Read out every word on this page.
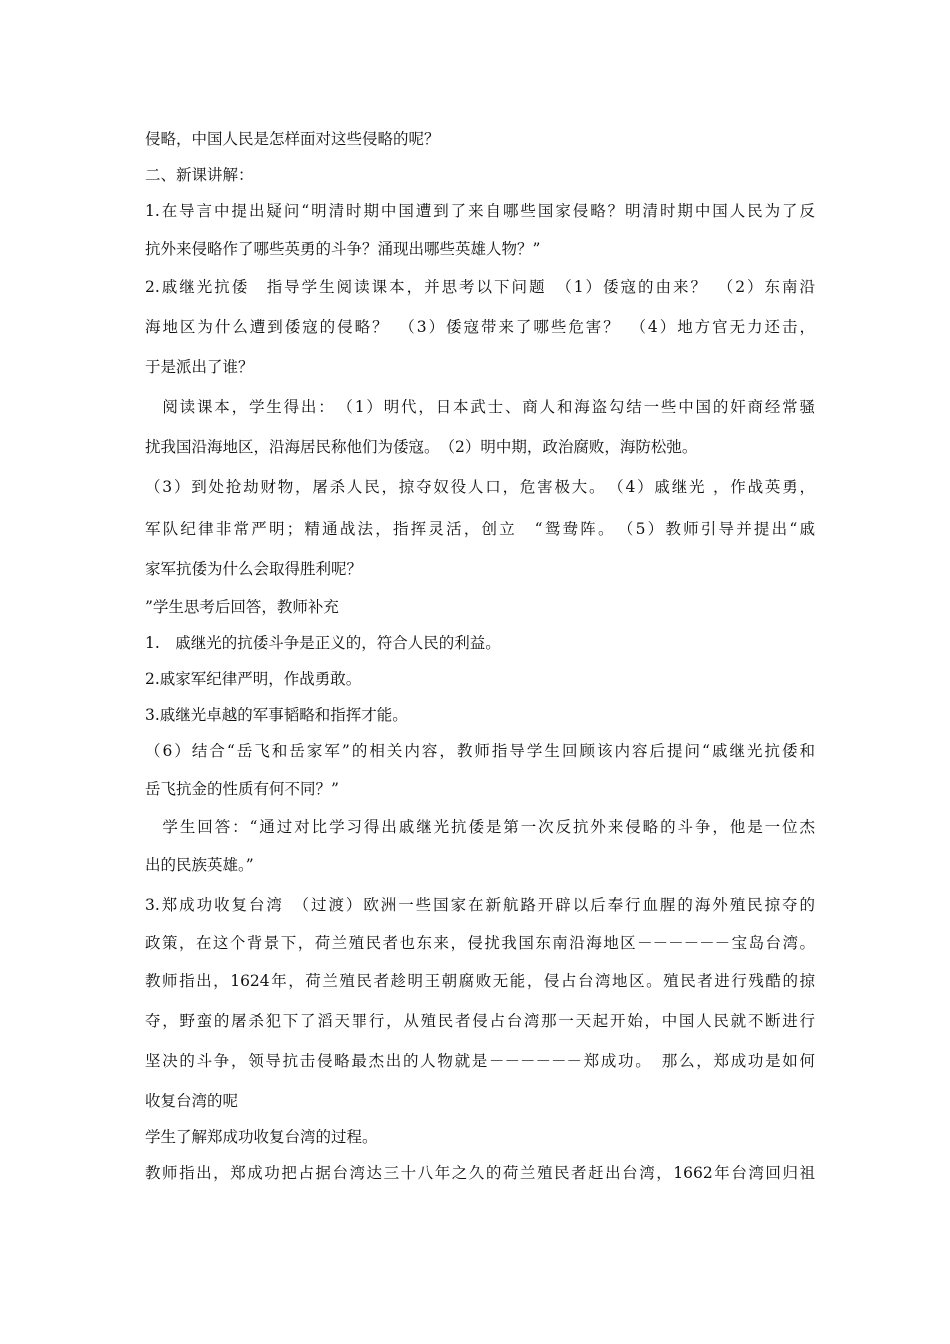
侵略，中国人民是怎样面对这些侵略的呢？
二、新课讲解：
1.在导言中提出疑问“明清时期中国遭到了来自哪些国家侵略？明清时期中国人民为了反
抗外来侵略作了哪些英勇的斗争？涌现出哪些英雄人物？”
2.戚继光抗倭　指导学生阅读课本，并思考以下问题　（1）倭寇的由来？　（2）东南沿
海地区为什么遭到倭寇的侵略？　（3）倭寇带来了哪些危害？　（4）地方官无力还击，
于是派出了谁？
　阅读课本，学生得出：　（1）明代，日本武士、商人和海盗勾结一些中国的奸商经常骚
扰我国沿海地区，沿海居民称他们为倭寇。　（2）明中期，政治腐败，海防松弛。
（3）到处抢劫财物，屠杀人民，掠夺奴役人口，危害极大。　（4）戚继光 ，作战英勇，
军队纪律非常严明；精通战法，指挥灵活，创立　“鸳鸯阵。　（5）教师引导并提出“戚
家军抗倭为什么会取得胜利呢？
”学生思考后回答，教师补充
1.　戚继光的抗倭斗争是正义的，符合人民的利益。
2.戚家军纪律严明，作战勇敢。
3.戚继光卓越的军事韬略和指挥才能。
（6）结合“岳飞和岳家军”的相关内容，教师指导学生回顾该内容后提问“戚继光抗倭和
岳飞抗金的性质有何不同？”
　学生回答：“通过对比学习得出戚继光抗倭是第一次反抗外来侵略的斗争，他是一位杰
出的民族英雄。”
3.郑成功收复台湾　（过渡）欧洲一些国家在新航路开辟以后奉行血腥的海外殖民掠夺的
政策，在这个背景下，荷兰殖民者也东来，侵扰我国东南沿海地区－－－－－－宝岛台湾。
教师指出，1624年，荷兰殖民者趁明王朝腐败无能，侵占台湾地区。殖民者进行残酷的掠
夺，野蛮的屠杀犯下了滔天罪行，从殖民者侵占台湾那一天起开始，中国人民就不断进行
坚决的斗争，领导抗击侵略最杰出的人物就是－－－－－－郑成功。　那么，郑成功是如何
收复台湾的呢
学生了解郑成功收复台湾的过程。
教师指出，郑成功把占据台湾达三十八年之久的荷兰殖民者赶出台湾，1662年台湾回归祖
